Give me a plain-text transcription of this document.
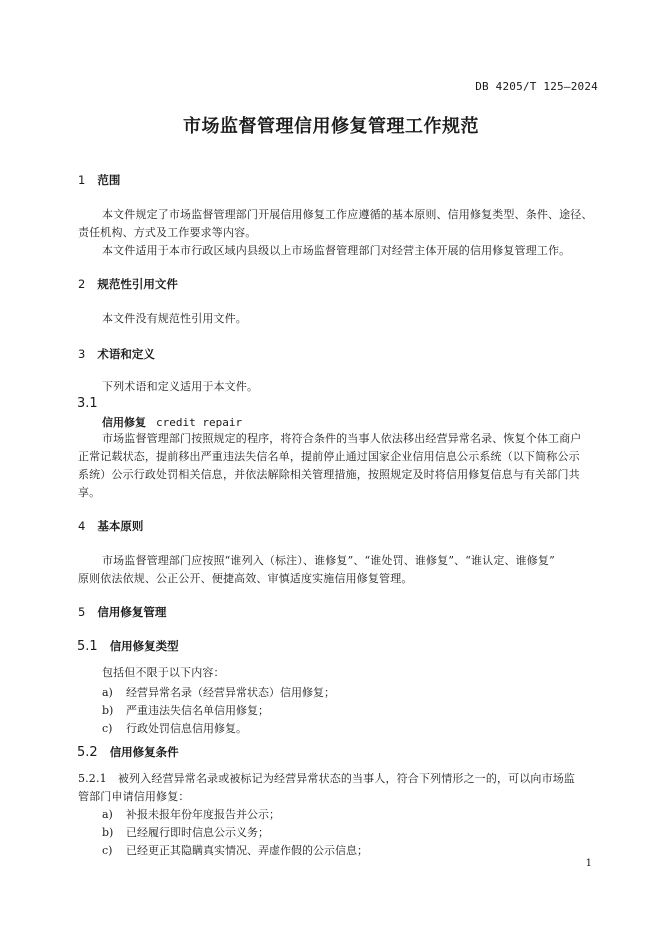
DB 4205/T 125—2024
市场监督管理信用修复管理工作规范
1 范围
本文件规定了市场监督管理部门开展信用修复工作应遵循的基本原则、信用修复类型、条件、途径、
责任机构、方式及工作要求等内容。
本文件适用于本市行政区域内县级以上市场监督管理部门对经营主体开展的信用修复管理工作。
2 规范性引用文件
本文件没有规范性引用文件。
3 术语和定义
下列术语和定义适用于本文件。
3.1
信用修复 credit repair
市场监督管理部门按照规定的程序，将符合条件的当事人依法移出经营异常名录、恢复个体工商户
正常记载状态，提前移出严重违法失信名单，提前停止通过国家企业信用信息公示系统（以下简称公示
系统）公示行政处罚相关信息，并依法解除相关管理措施，按照规定及时将信用修复信息与有关部门共
享。
4 基本原则
市场监督管理部门应按照“谁列入（标注）、谁修复”、“谁处罚、谁修复”、“谁认定、谁修复”
原则依法依规、公正公开、便捷高效、审慎适度实施信用修复管理。
5 信用修复管理
5.1 信用修复类型
包括但不限于以下内容：
a) 经营异常名录（经营异常状态）信用修复；
b) 严重违法失信名单信用修复；
c) 行政处罚信息信用修复。
5.2 信用修复条件
5.2.1　被列入经营异常名录或被标记为经营异常状态的当事人，符合下列情形之一的，可以向市场监
管部门申请信用修复：
a) 补报未报年份年度报告并公示；
b) 已经履行即时信息公示义务；
c) 已经更正其隐瞒真实情况、弄虚作假的公示信息；
1
